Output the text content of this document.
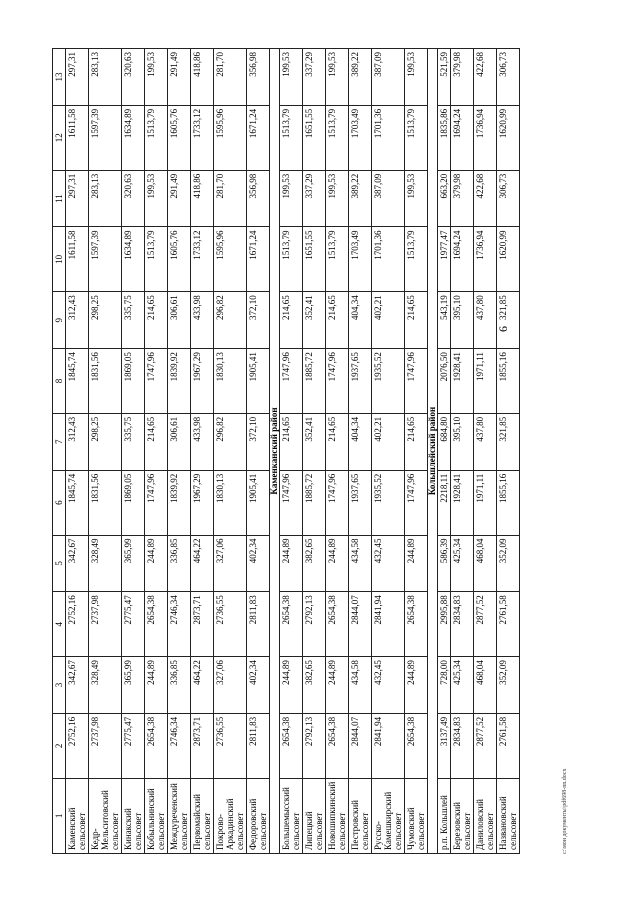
1	2	3	4	5	6	7	8	9	10	11	12	13
Каменский сельсовет	2752,16	342,67	2752,16	342,67	1845,74	312,43	1845,74	312,43	1611,58	297,31	1611,58	297,31
Кедр-Мельситовский сельсовет	2737,98	328,49	2737,98	328,49	1831,56	298,25	1831,56	298,25	1597,39	283,13	1597,39	283,13
Кинакский сельсовет	2775,47	365,99	2775,47	365,99	1869,05	335,75	1869,05	335,75	1634,89	320,63	1634,89	320,63
Кобыльнинский сельсовет	2654,38	244,89	2654,38	244,89	1747,96	214,65	1747,96	214,65	1513,79	199,53	1513,79	199,53
Междуреченский сельсовет	2746,34	336,85	2746,34	336,85	1839,92	306,61	1839,92	306,61	1605,76	291,49	1605,76	291,49
Первомайский сельсовет	2873,71	464,22	2873,71	464,22	1967,29	433,98	1967,29	433,98	1733,12	418,86	1733,12	418,86
Покрово-Аркадинский сельсовет	2736,55	327,06	2736,55	327,06	1830,13	296,82	1830,13	296,82	1595,96	281,70	1595,96	281,70
Федоровский сельсовет	2811,83	402,34	2811,83	402,34	1905,41	372,10	1905,41	372,10	1671,24	356,98	1671,24	356,98
Каменканский район												
Большемысский сельсовет	2654,38	244,89	2654,38	244,89	1747,96	214,65	1747,96	214,65	1513,79	199,53	1513,79	199,53
Липецкий сельсовет	2792,13	382,65	2792,13	382,65	1885,72	352,41	1885,72	352,41	1651,55	337,29	1651,55	337,29
Новошипкинский сельсовет	2654,38	244,89	2654,38	244,89	1747,96	214,65	1747,96	214,65	1513,79	199,53	1513,79	199,53
Пестровский сельсовет	2844,07	434,58	2844,07	434,58	1937,65	404,34	1937,65	404,34	1703,49	389,22	1703,49	389,22
Русско-Камешкирский сельсовет	2841,94	432,45	2841,94	432,45	1935,52	402,21	1935,52	402,21	1701,36	387,09	1701,36	387,09
Чумовский сельсовет	2654,38	244,89	2654,38	244,89	1747,96	214,65	1747,96	214,65	1513,79	199,53	1513,79	199,53
Кольшлейский район												
р.п. Кольшлей	3137,49	728,00	2995,88	586,39	2218,11	684,80	2076,50	543,19	1977,47	663,20	1835,86	521,59
Березовский сельсовет	2834,83	425,34	2834,83	425,34	1928,41	395,10	1928,41	395,10	1694,24	379,98	1694,24	379,98
Даниловский сельсовет	2877,52	468,04	2877,52	468,04	1971,11	437,80	1971,11	437,80	1736,94	422,68	1736,94	422,68
Названовский сельсовет	2761,58	352,09	2761,58	352,09	1855,16	321,85	1855,16	321,85	1620,99	306,73	1620,99	306,73
6
c:\мои документы\pdf698-nn.docx
